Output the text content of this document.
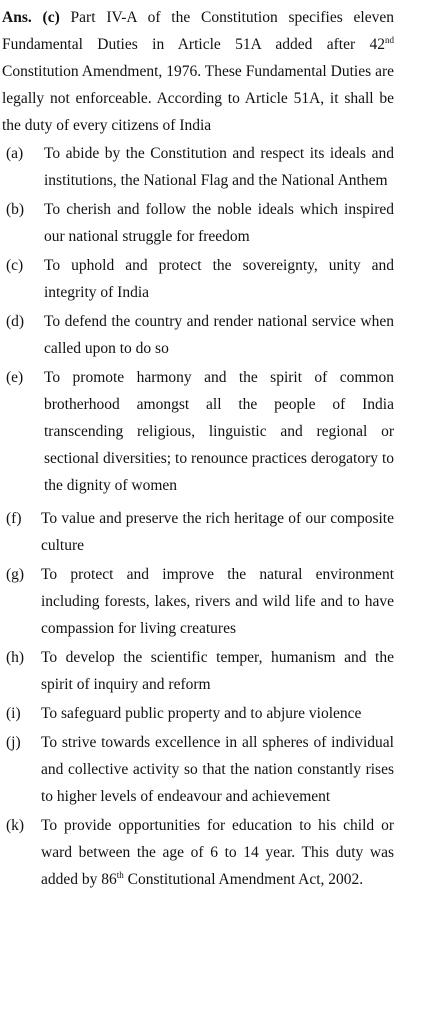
Ans. (c) Part IV-A of the Constitution specifies eleven Fundamental Duties in Article 51A added after 42nd Constitution Amendment, 1976. These Fundamental Duties are legally not enforceable. According to Article 51A, it shall be the duty of every citizens of India

(a) To abide by the Constitution and respect its ideals and institutions, the National Flag and the National Anthem
(b) To cherish and follow the noble ideals which inspired our national struggle for freedom
(c) To uphold and protect the sovereignty, unity and integrity of India
(d) To defend the country and render national service when called upon to do so
(e) To promote harmony and the spirit of common brotherhood amongst all the people of India transcending religious, linguistic and regional or sectional diversities; to renounce practices derogatory to the dignity of women
(f) To value and preserve the rich heritage of our composite culture
(g) To protect and improve the natural environment including forests, lakes, rivers and wild life and to have compassion for living creatures
(h) To develop the scientific temper, humanism and the spirit of inquiry and reform
(i) To safeguard public property and to abjure violence
(j) To strive towards excellence in all spheres of individual and collective activity so that the nation constantly rises to higher levels of endeavour and achievement
(k) To provide opportunities for education to his child or ward between the age of 6 to 14 year. This duty was added by 86th Constitutional Amendment Act, 2002.
